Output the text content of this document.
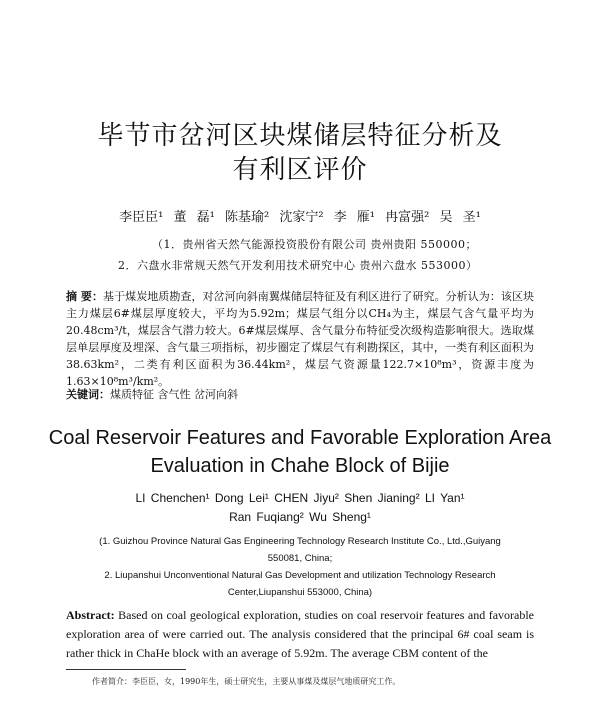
毕节市岔河区块煤储层特征分析及
有利区评价
李臣臣¹ 董 磊¹ 陈基瑜² 沈家宁² 李 雁¹ 冉富强² 吴 圣¹
（1．贵州省天然气能源投资股份有限公司 贵州贵阳 550000；
2．六盘水非常规天然气开发利用技术研究中心 贵州六盘水 553000）
摘 要：基于煤炭地质勘查，对岔河向斜南翼煤储层特征及有利区进行了研究。分析认为：该区块主力煤层6#煤层厚度较大，平均为5.92m；煤层气组分以CH₄为主，煤层气含气量平均为20.48cm³/t，煤层含气潜力较大。6#煤层煤厚、含气量分布特征受次级构造影响很大。选取煤层单层厚度及埋深、含气量三项指标，初步圈定了煤层气有利勘探区，其中，一类有利区面积为38.63km²，二类有利区面积为36.44km²，煤层气资源量122.7×10⁸m³，资源丰度为1.63×10⁸m³/km²。
关键词：煤质特征 含气性 岔河向斜
Coal Reservoir Features and Favorable Exploration Area
Evaluation in Chahe Block of Bijie
LI Chenchen¹ Dong Lei¹ CHEN Jiyu² Shen Jianing² LI Yan¹
Ran Fuqiang² Wu Sheng¹
(1. Guizhou Province Natural Gas Engineering Technology Research Institute Co., Ltd.,Guiyang
550081, China;
2. Liupanshui Unconventional Natural Gas Development and utilization Technology Research
Center,Liupanshui 553000, China)
Abstract: Based on coal geological exploration, studies on coal reservoir features and favorable exploration area of were carried out. The analysis considered that the principal 6# coal seam is rather thick in ChaHe block with an average of 5.92m. The average CBM content of the
作者简介：李臣臣，女，1990年生，硕士研究生，主要从事煤及煤层气地质研究工作。
